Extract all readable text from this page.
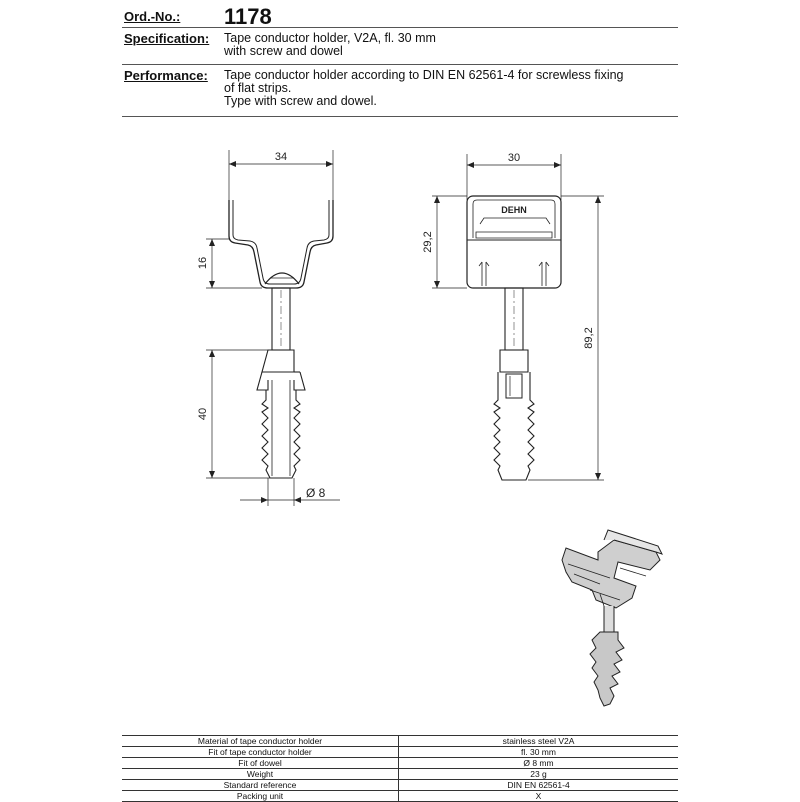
Ord.-No.: 1178
Specification: Tape conductor holder, V2A, fl. 30 mm
with screw and dowel
Performance: Tape conductor holder according to DIN EN 62561-4 for screwless fixing
of flat strips.
Type with screw and dowel.
34
16
40
Ø 8
30
DEHN
29,2
89,2
Material of tape conductor holder	stainless steel V2A
Fit of tape conductor holder	fl. 30 mm
Fit of dowel	Ø 8 mm
Weight	23 g
Standard reference	DIN EN 62561-4
Packing unit	X
